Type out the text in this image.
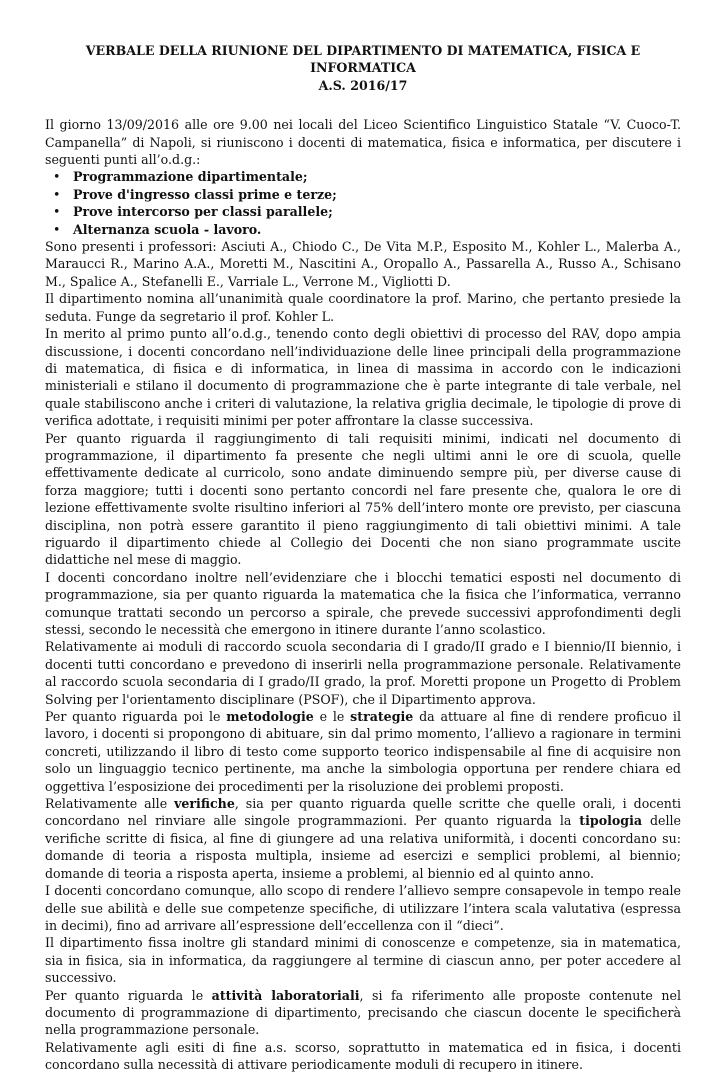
VERBALE DELLA RIUNIONE DEL DIPARTIMENTO DI MATEMATICA, FISICA E INFORMATICA
A.S. 2016/17

Il giorno 13/09/2016 alle ore 9.00 nei locali del Liceo Scientifico Linguistico Statale “V. Cuoco-T. Campanella” di Napoli, si riuniscono i docenti di matematica, fisica e informatica, per discutere i seguenti punti all’o.d.g.:

• Programmazione dipartimentale;
• Prove d'ingresso classi prime e terze;
• Prove intercorso per classi parallele;
• Alternanza scuola - lavoro.

Sono presenti i professori: Asciuti A., Chiodo C., De Vita M.P., Esposito M., Kohler L., Malerba A., Maraucci R., Marino A.A., Moretti M., Nascitini A., Oropallo A., Passarella A., Russo A., Schisano M., Spalice A., Stefanelli E., Varriale L., Verrone M., Vigliotti D.

Il dipartimento nomina all’unanimità quale coordinatore la prof. Marino, che pertanto presiede la seduta. Funge da segretario il prof. Kohler L.

In merito al primo punto all’o.d.g., tenendo conto degli obiettivi di processo del RAV, dopo ampia discussione, i docenti concordano nell’individuazione delle linee principali della programmazione di matematica, di fisica e di informatica, in linea di massima in accordo con le indicazioni ministeriali e stilano il documento di programmazione che è parte integrante di tale verbale, nel quale stabiliscono anche i criteri di valutazione, la relativa griglia decimale, le tipologie di prove di verifica adottate, i requisiti minimi per poter affrontare la classe successiva.

Per quanto riguarda il raggiungimento di tali requisiti minimi, indicati nel documento di programmazione, il dipartimento fa presente che negli ultimi anni le ore di scuola, quelle effettivamente dedicate al curricolo, sono andate diminuendo sempre più, per diverse cause di forza maggiore; tutti i docenti sono pertanto concordi nel fare presente che, qualora le ore di lezione effettivamente svolte risultino inferiori al 75% dell’intero monte ore previsto, per ciascuna disciplina, non potrà essere garantito il pieno raggiungimento di tali obiettivi minimi. A tale riguardo il dipartimento chiede al Collegio dei Docenti che non siano programmate uscite didattiche nel mese di maggio.

I docenti concordano inoltre nell’evidenziare che i blocchi tematici esposti nel documento di programmazione, sia per quanto riguarda la matematica che la fisica che l’informatica, verranno comunque trattati secondo un percorso a spirale, che prevede successivi approfondimenti degli stessi, secondo le necessità che emergono in itinere durante l’anno scolastico.

Relativamente ai moduli di raccordo scuola secondaria di I grado/II grado e I biennio/II biennio, i docenti tutti concordano e prevedono di inserirli nella programmazione personale. Relativamente al raccordo scuola secondaria di I grado/II grado, la prof. Moretti propone un Progetto di Problem Solving per l'orientamento disciplinare (PSOF), che il Dipartimento approva.

Per quanto riguarda poi le metodologie e le strategie da attuare al fine di rendere proficuo il lavoro, i docenti si propongono di abituare, sin dal primo momento, l’allievo a ragionare in termini concreti, utilizzando il libro di testo come supporto teorico indispensabile al fine di acquisire non solo un linguaggio tecnico pertinente, ma anche la simbologia opportuna per rendere chiara ed oggettiva l’esposizione dei procedimenti per la risoluzione dei problemi proposti.

Relativamente alle verifiche, sia per quanto riguarda quelle scritte che quelle orali, i docenti concordano nel rinviare alle singole programmazioni. Per quanto riguarda la tipologia delle verifiche scritte di fisica, al fine di giungere ad una relativa uniformità, i docenti concordano su: domande di teoria a risposta multipla, insieme ad esercizi e semplici problemi, al biennio; domande di teoria a risposta aperta, insieme a problemi, al biennio ed al quinto anno.

I docenti concordano comunque, allo scopo di rendere l’allievo sempre consapevole in tempo reale delle sue abilità e delle sue competenze specifiche, di utilizzare l’intera scala valutativa (espressa in decimi), fino ad arrivare all’espressione dell’eccellenza con il “dieci”.

Il dipartimento fissa inoltre gli standard minimi di conoscenze e competenze, sia in matematica, sia in fisica, sia in informatica, da raggiungere al termine di ciascun anno, per poter accedere al successivo.

Per quanto riguarda le attività laboratoriali, si fa riferimento alle proposte contenute nel documento di programmazione di dipartimento, precisando che ciascun docente le specificherà nella programmazione personale.

Relativamente agli esiti di fine a.s. scorso, soprattutto in matematica ed in fisica, i docenti concordano sulla necessità di attivare periodicamente moduli di recupero in itinere.
